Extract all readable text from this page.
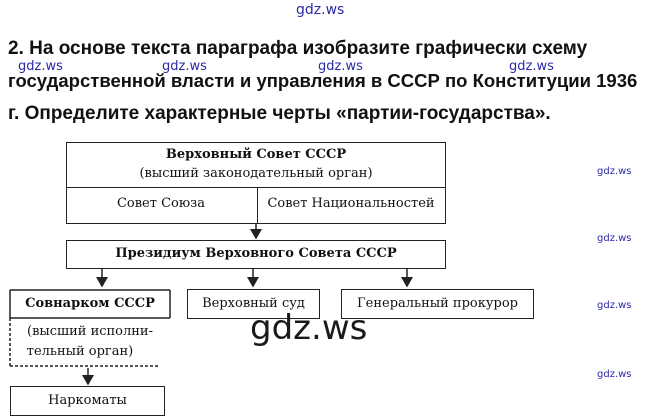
gdz.ws
2. На основе текста параграфа изобразите графически схему
государственной власти и управления в СССР по Конституции 1936
г. Определите характерные черты «партии-государства».
gdz.ws	gdz.ws	gdz.ws	gdz.ws
Верховный Совет СССР
(высший законодательный орган)
Совет Союза	Совет Национальностей
Президиум Верховного Совета СССР
Совнарком СССР
(высший исполни-
тельный орган)
Верховный суд	Генеральный прокурор
Наркоматы
gdz.ws
gdz.ws
gdz.ws
gdz.ws
gdz.ws
